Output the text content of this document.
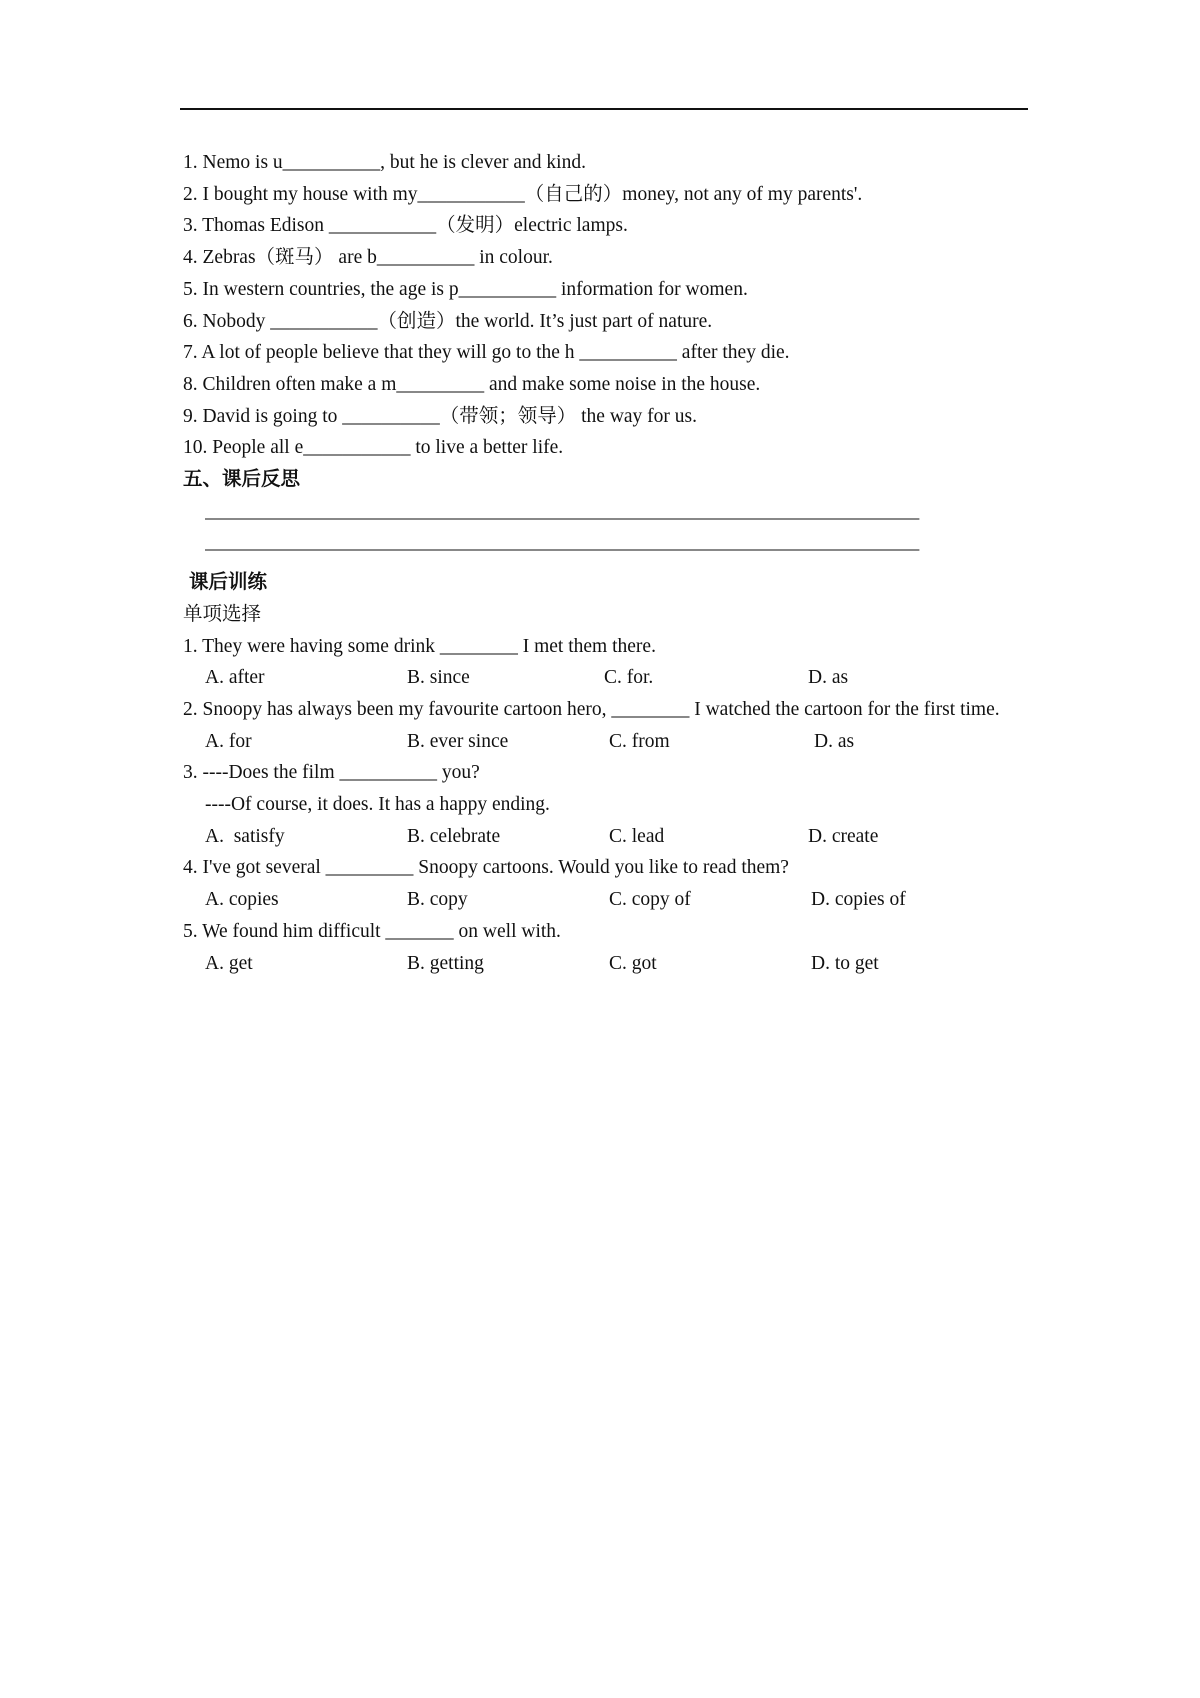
1. Nemo is u__________, but he is clever and kind.
2. I bought my house with my___________（自己的）money, not any of my parents'.
3. Thomas Edison ___________（发明）electric lamps.
4. Zebras（斑马） are b__________ in colour.
5. In western countries, the age is p__________ information for women.
6. Nobody ___________（创造）the world. It’s just part of nature.
7. A lot of people believe that they will go to the h __________ after they die.
8. Children often make a m_________ and make some noise in the house.
9. David is going to __________（带领；领导） the way for us.
10. People all e___________ to live a better life.
五、课后反思
______________________________________________________________________________
______________________________________________________________________________
课后训练
单项选择
1. They were having some drink ________ I met them there.
A. after	B. since	C. for.	D. as
2. Snoopy has always been my favourite cartoon hero, ________ I watched the cartoon for the first time.
A. for	B. ever since	C. from	D. as
3. ----Does the film __________ you?
----Of course, it does. It has a happy ending.
A.  satisfy	B. celebrate	C. lead	D. create
4. I've got several _________ Snoopy cartoons. Would you like to read them?
A. copies	B. copy	C. copy of	D. copies of
5. We found him difficult _______ on well with.
A. get	B. getting	C. got	D. to get
